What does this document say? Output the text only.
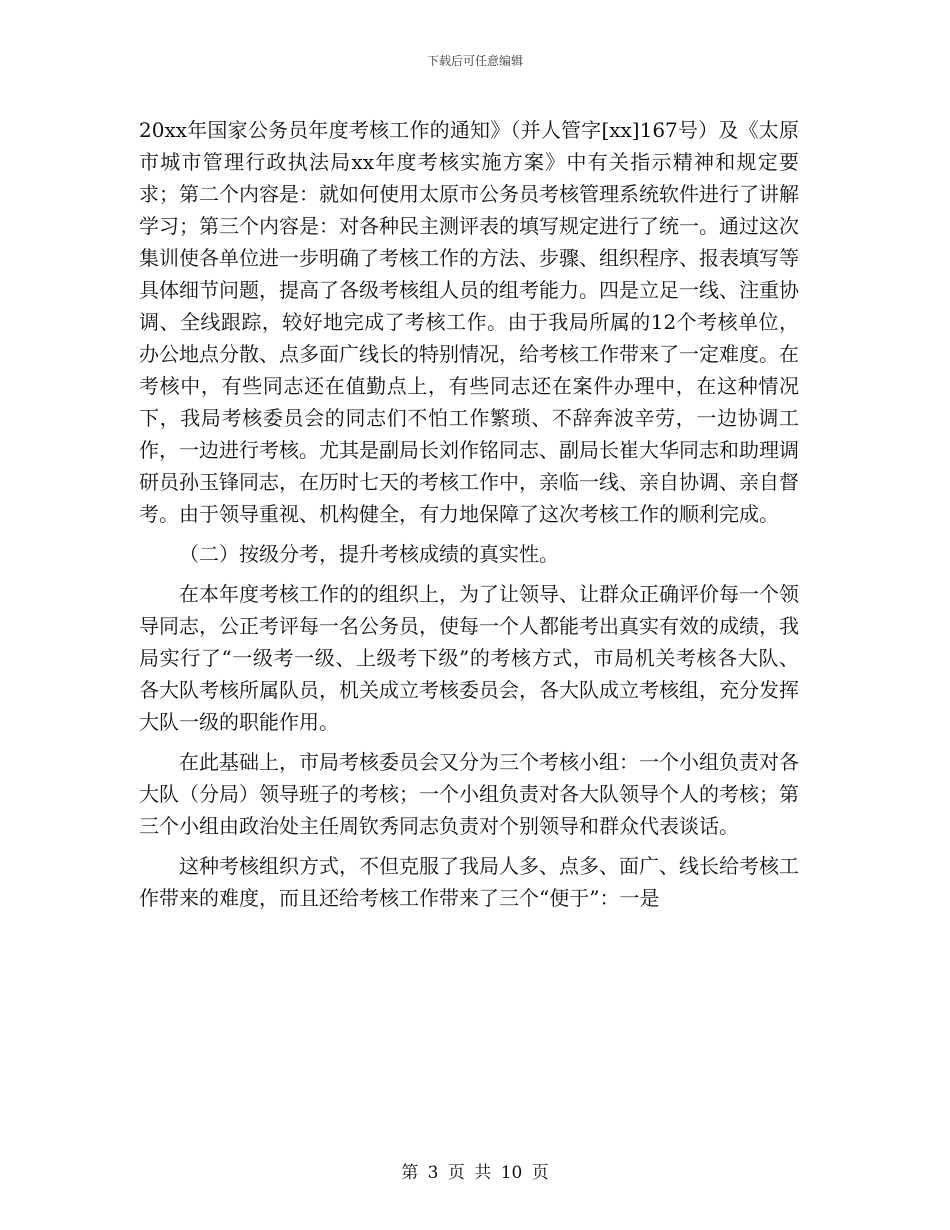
下载后可任意编辑

20xx年国家公务员年度考核工作的通知》（并人管字[xx]167号）及《太原市城市管理行政执法局xx年度考核实施方案》中有关指示精神和规定要求；第二个内容是：就如何使用太原市公务员考核管理系统软件进行了讲解学习；第三个内容是：对各种民主测评表的填写规定进行了统一。通过这次集训使各单位进一步明确了考核工作的方法、步骤、组织程序、报表填写等具体细节问题，提高了各级考核组人员的组考能力。四是立足一线、注重协调、全线跟踪，较好地完成了考核工作。由于我局所属的12个考核单位，办公地点分散、点多面广线长的特别情况，给考核工作带来了一定难度。在考核中，有些同志还在值勤点上，有些同志还在案件办理中，在这种情况下，我局考核委员会的同志们不怕工作繁琐、不辞奔波辛劳，一边协调工作，一边进行考核。尤其是副局长刘作铭同志、副局长崔大华同志和助理调研员孙玉锋同志，在历时七天的考核工作中，亲临一线、亲自协调、亲自督考。由于领导重视、机构健全，有力地保障了这次考核工作的顺利完成。

（二）按级分考，提升考核成绩的真实性。

在本年度考核工作的的组织上，为了让领导、让群众正确评价每一个领导同志，公正考评每一名公务员，使每一个人都能考出真实有效的成绩，我局实行了“一级考一级、上级考下级”的考核方式，市局机关考核各大队、各大队考核所属队员，机关成立考核委员会，各大队成立考核组，充分发挥大队一级的职能作用。

在此基础上，市局考核委员会又分为三个考核小组：一个小组负责对各大队（分局）领导班子的考核；一个小组负责对各大队领导个人的考核；第三个小组由政治处主任周钦秀同志负责对个别领导和群众代表谈话。

这种考核组织方式，不但克服了我局人多、点多、面广、线长给考核工作带来的难度，而且还给考核工作带来了三个“便于”：一是

第 3 页 共 10 页
